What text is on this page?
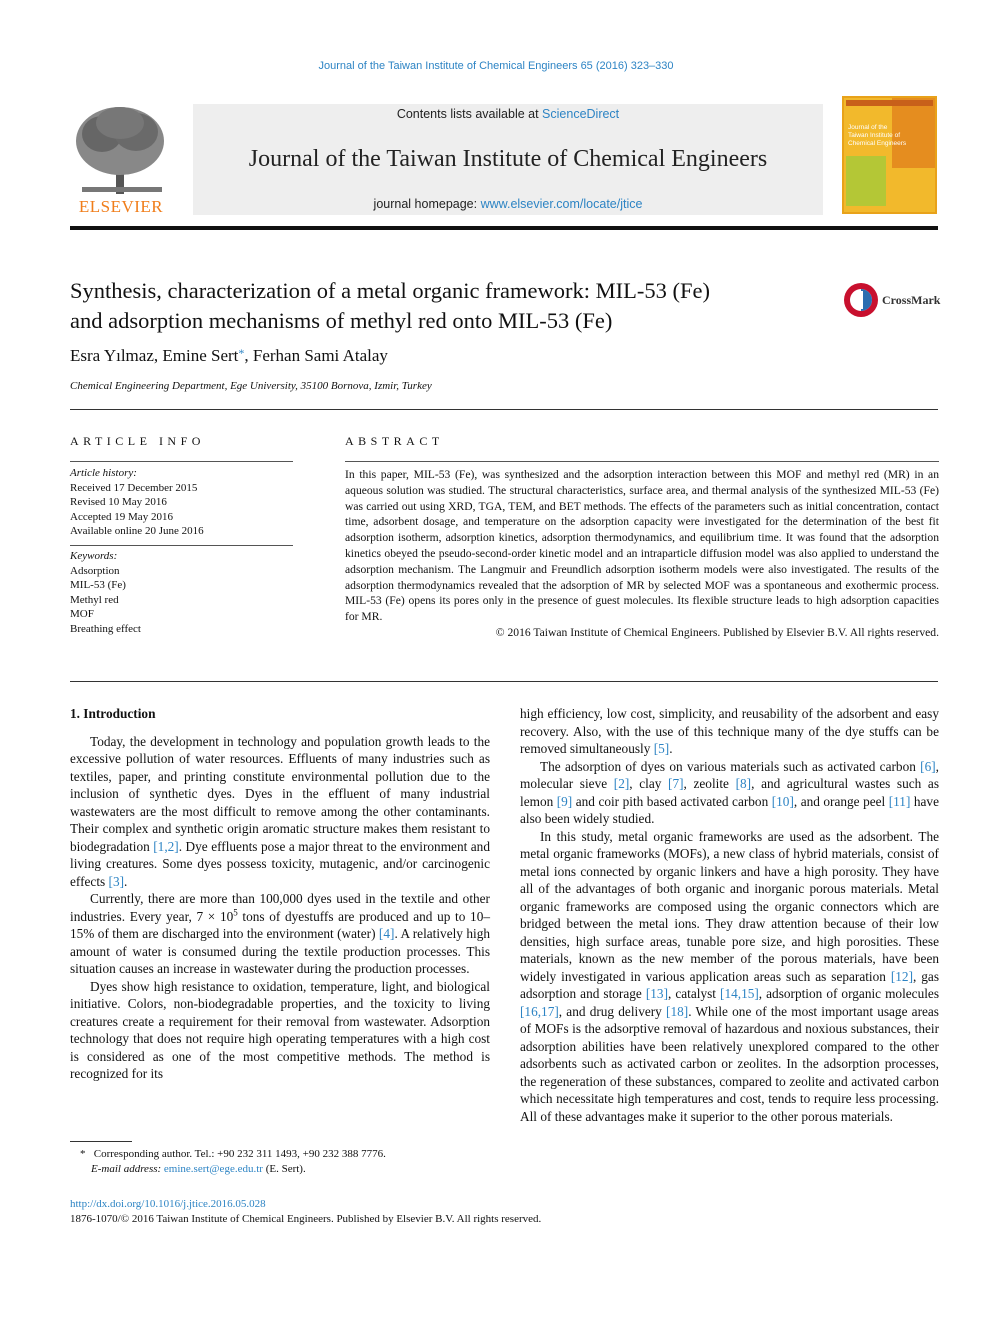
Journal of the Taiwan Institute of Chemical Engineers 65 (2016) 323–330
ELSEVIER
Contents lists available at ScienceDirect
Journal of the Taiwan Institute of Chemical Engineers
journal homepage: www.elsevier.com/locate/jtice
Journal of the Taiwan Institute of Chemical Engineers
Synthesis, characterization of a metal organic framework: MIL-53 (Fe)
and adsorption mechanisms of methyl red onto MIL-53 (Fe)
CrossMark
Esra Yılmaz, Emine Sert*, Ferhan Sami Atalay
Chemical Engineering Department, Ege University, 35100 Bornova, Izmir, Turkey
ARTICLE INFO
Article history:
Received 17 December 2015
Revised 10 May 2016
Accepted 19 May 2016
Available online 20 June 2016
Keywords:
Adsorption
MIL-53 (Fe)
Methyl red
MOF
Breathing effect
ABSTRACT
In this paper, MIL-53 (Fe), was synthesized and the adsorption interaction between this MOF and methyl red (MR) in an aqueous solution was studied. The structural characteristics, surface area, and thermal analysis of the synthesized MIL-53 (Fe) was carried out using XRD, TGA, TEM, and BET methods. The effects of the parameters such as initial concentration, contact time, adsorbent dosage, and temperature on the adsorption capacity were investigated for the determination of the best fit adsorption isotherm, adsorption kinetics, adsorption thermodynamics, and equilibrium time. It was found that the adsorption kinetics obeyed the pseudo-second-order kinetic model and an intraparticle diffusion model was also applied to understand the adsorption mechanism. The Langmuir and Freundlich adsorption isotherm models were also investigated. The results of the adsorption thermodynamics revealed that the adsorption of MR by selected MOF was a spontaneous and exothermic process. MIL-53 (Fe) opens its pores only in the presence of guest molecules. Its flexible structure leads to high adsorption capacities for MR.
© 2016 Taiwan Institute of Chemical Engineers. Published by Elsevier B.V. All rights reserved.
1. Introduction

Today, the development in technology and population growth leads to the excessive pollution of water resources. Effluents of many industries such as textiles, paper, and printing constitute environmental pollution due to the inclusion of synthetic dyes. Dyes in the effluent of many industrial wastewaters are the most difficult to remove among the other contaminants. Their complex and synthetic origin aromatic structure makes them resistant to biodegradation [1,2]. Dye effluents pose a major threat to the environment and living creatures. Some dyes possess toxicity, mutagenic, and/or carcinogenic effects [3].

Currently, there are more than 100,000 dyes used in the textile and other industries. Every year, $7 \times 10^5$ tons of dyestuffs are produced and up to 10–15% of them are discharged into the environment (water) [4]. A relatively high amount of water is consumed during the textile production processes. This situation causes an increase in wastewater during the production processes.

Dyes show high resistance to oxidation, temperature, light, and biological initiative. Colors, non-biodegradable properties, and the toxicity to living creatures create a requirement for their removal from wastewater. Adsorption technology that does not require high operating temperatures with a high cost is considered as one of the most competitive methods. The method is recognized for its

* Corresponding author. Tel.: +90 232 311 1493, +90 232 388 7776.
E-mail address: emine.sert@ege.edu.tr (E. Sert).

high efficiency, low cost, simplicity, and reusability of the adsorbent and easy recovery. Also, with the use of this technique many of the dye stuffs can be removed simultaneously [5].

The adsorption of dyes on various materials such as activated carbon [6], molecular sieve [2], clay [7], zeolite [8], and agricultural wastes such as lemon [9] and coir pith based activated carbon [10], and orange peel [11] have also been widely studied.

In this study, metal organic frameworks are used as the adsorbent. The metal organic frameworks (MOFs), a new class of hybrid materials, consist of metal ions connected by organic linkers and have a high porosity. They have all of the advantages of both organic and inorganic porous materials. Metal organic frameworks are composed using the organic connectors which are bridged between the metal ions. They draw attention because of their low densities, high surface areas, tunable pore size, and high porosities. These materials, known as the new member of the porous materials, have been widely investigated in various application areas such as separation [12], gas adsorption and storage [13], catalyst [14,15], adsorption of organic molecules [16,17], and drug delivery [18]. While one of the most important usage areas of MOFs is the adsorptive removal of hazardous and noxious substances, their adsorption abilities have been relatively unexplored compared to the other adsorbents such as activated carbon or zeolites. In the adsorption processes, the regeneration of these substances, compared to zeolite and activated carbon which necessitate high temperatures and cost, tends to require less processing. All of these advantages make it superior to the other porous materials.

http://dx.doi.org/10.1016/j.jtice.2016.05.028
1876-1070/© 2016 Taiwan Institute of Chemical Engineers. Published by Elsevier B.V. All rights reserved.
